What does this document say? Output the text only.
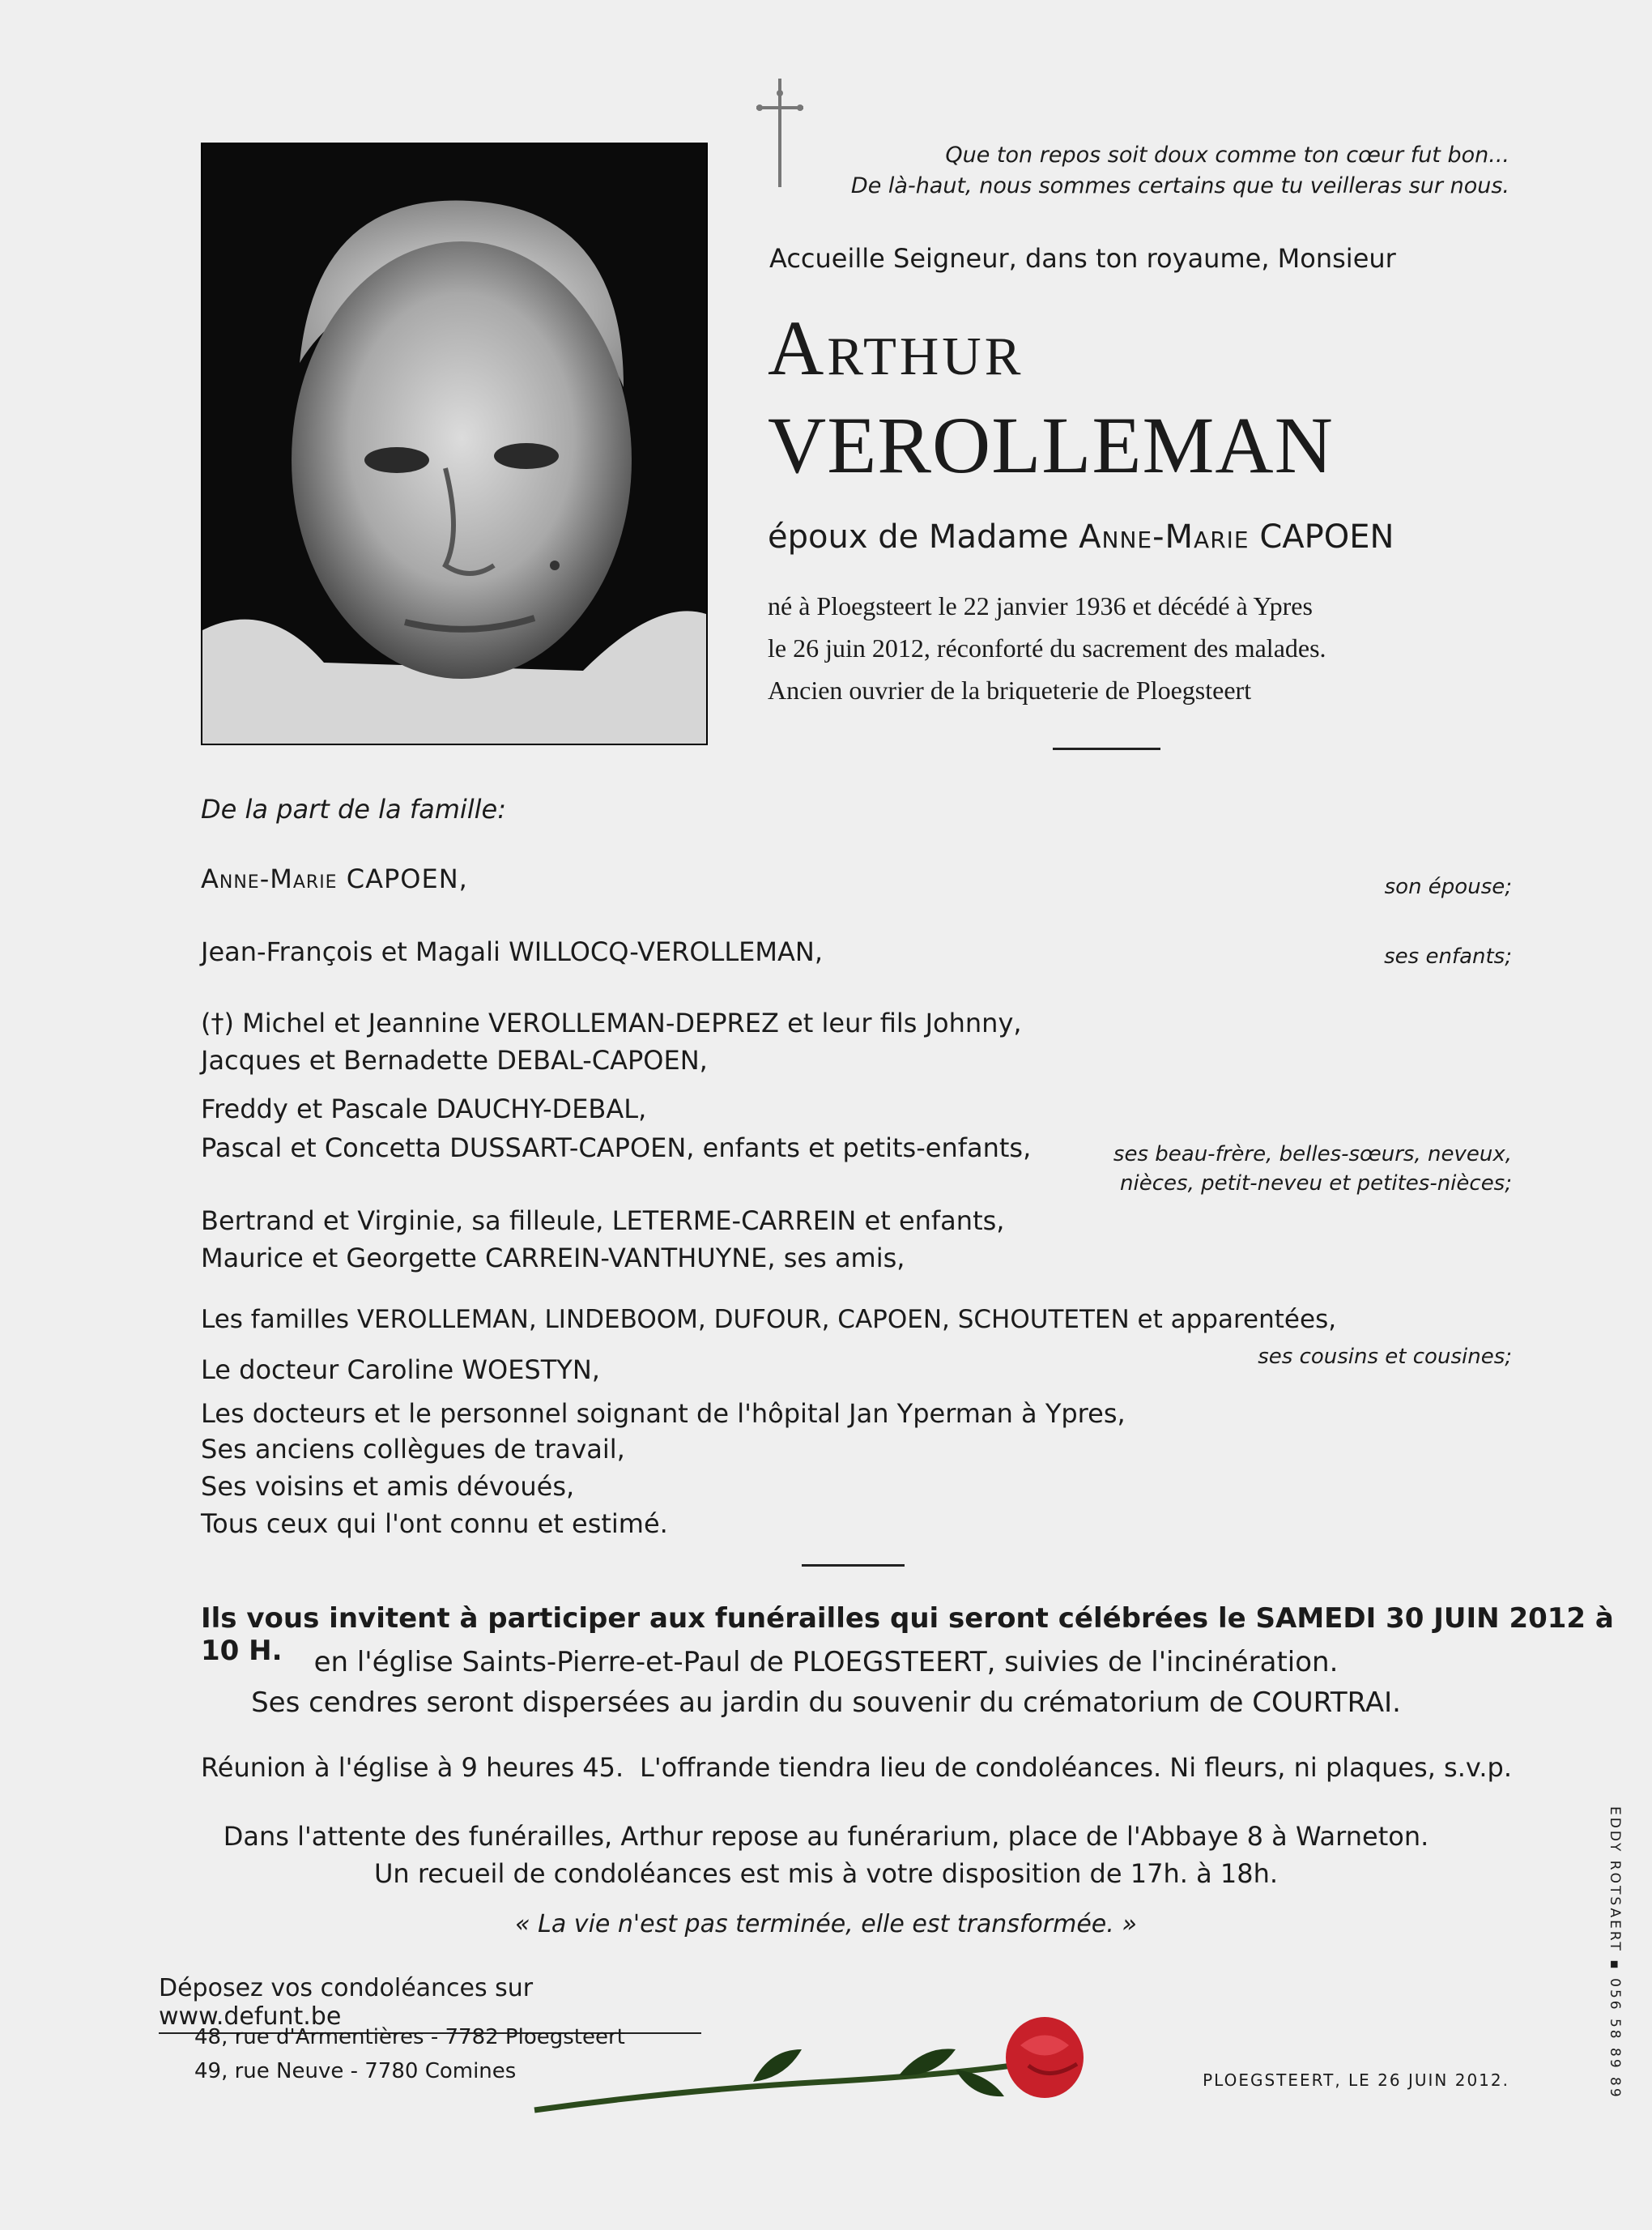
Que ton repos soit doux comme ton cœur fut bon...
De là-haut, nous sommes certains que tu veilleras sur nous.
Accueille Seigneur, dans ton royaume, Monsieur
Arthur
VEROLLEMAN
époux de Madame Anne-Marie CAPOEN
né à Ploegsteert le 22 janvier 1936 et décédé à Ypres
le 26 juin 2012, réconforté du sacrement des malades.
Ancien ouvrier de la briqueterie de Ploegsteert
De la part de la famille:
Anne-Marie CAPOEN,	son épouse;
Jean-François et Magali WILLOCQ-VEROLLEMAN,	ses enfants;
(†) Michel et Jeannine VEROLLEMAN-DEPREZ et leur fils Johnny,
Jacques et Bernadette DEBAL-CAPOEN,
Freddy et Pascale DAUCHY-DEBAL,
Pascal et Concetta DUSSART-CAPOEN, enfants et petits-enfants,	ses beau-frère, belles-sœurs, neveux,
nièces, petit-neveu et petites-nièces;
Bertrand et Virginie, sa filleule, LETERME-CARREIN et enfants,
Maurice et Georgette CARREIN-VANTHUYNE, ses amis,
Les familles VEROLLEMAN, LINDEBOOM, DUFOUR, CAPOEN, SCHOUTETEN et apparentées,
ses cousins et cousines;
Le docteur Caroline WOESTYN,
Les docteurs et le personnel soignant de l'hôpital Jan Yperman à Ypres,
Ses anciens collègues de travail,
Ses voisins et amis dévoués,
Tous ceux qui l'ont connu et estimé.
Ils vous invitent à participer aux funérailles qui seront célébrées le SAMEDI 30 JUIN 2012 à 10 H.	en l'église Saints-Pierre-et-Paul de PLOEGSTEERT, suivies de l'incinération.
Ses cendres seront dispersées au jardin du souvenir du crématorium de COURTRAI.
Réunion à l'église à 9 heures 45. L'offrande tiendra lieu de condoléances. Ni fleurs, ni plaques, s.v.p.
Dans l'attente des funérailles, Arthur repose au funérarium, place de l'Abbaye 8 à Warneton.
Un recueil de condoléances est mis à votre disposition de 17h. à 18h.
« La vie n'est pas terminée, elle est transformée. »
Déposez vos condoléances sur www.defunt.be
48, rue d'Armentières - 7782 Ploegsteert
49, rue Neuve - 7780 Comines	PLOEGSTEERT, LE 26 JUIN 2012.	EDDY ROTSAERT ▪ 056 58 89 89
